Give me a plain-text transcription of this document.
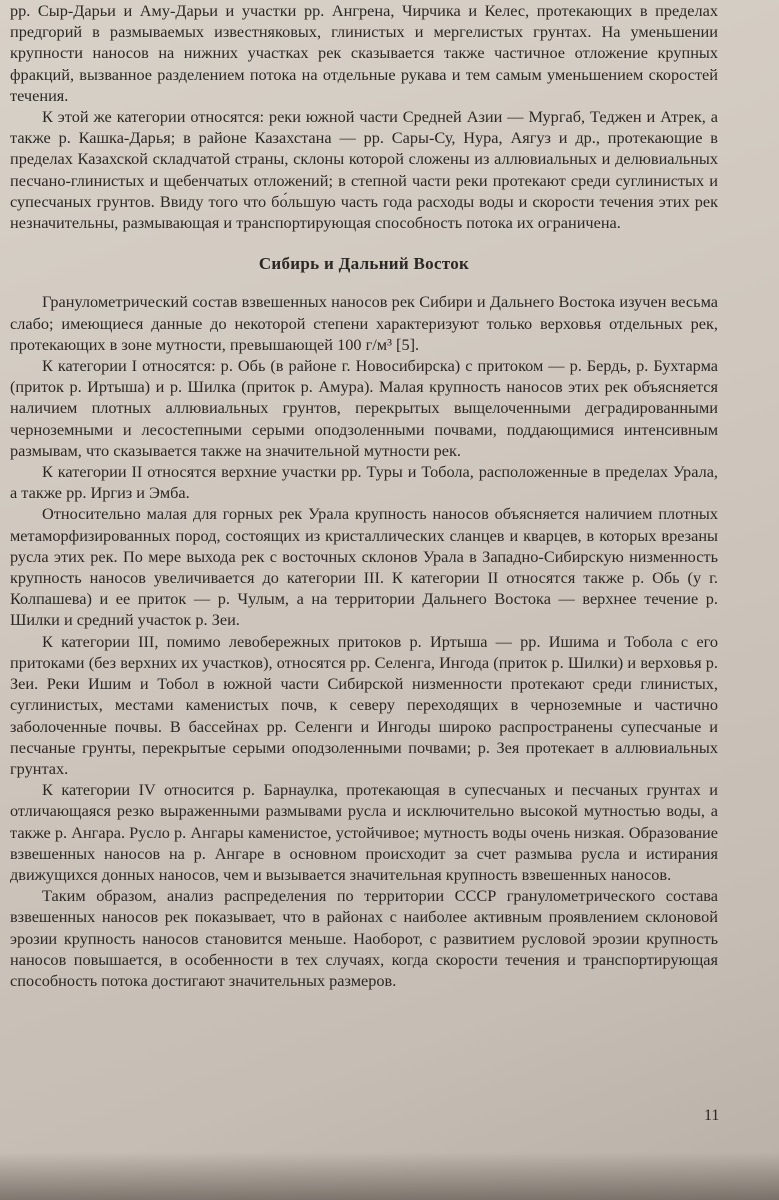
рр. Сыр-Дарьи и Аму-Дарьи и участки рр. Ангрена, Чирчика и Келес, протекающих в пределах предгорий в размываемых известняковых, глинистых и мергелистых грунтах. На уменьшении крупности наносов на нижних участках рек сказывается также частичное отложение крупных фракций, вызванное разделением потока на отдельные рукава и тем самым уменьшением скоростей течения.

К этой же категории относятся: реки южной части Средней Азии — Мургаб, Теджен и Атрек, а также р. Кашка-Дарья; в районе Казахстана — рр. Сары-Су, Нура, Аягуз и др., протекающие в пределах Казахской складчатой страны, склоны которой сложены из аллювиальных и делювиальных песчано-глинистых и щебенчатых отложений; в степной части реки протекают среди суглинистых и супесчаных грунтов. Ввиду того что бо́льшую часть года расходы воды и скорости течения этих рек незначительны, размывающая и транспортирующая способность потока их ограничена.

Сибирь и Дальний Восток

Гранулометрический состав взвешенных наносов рек Сибири и Дальнего Востока изучен весьма слабо; имеющиеся данные до некоторой степени характеризуют только верховья отдельных рек, протекающих в зоне мутности, превышающей 100 г/м³ [5].

К категории I относятся: р. Обь (в районе г. Новосибирска) с притоком — р. Бердь, р. Бухтарма (приток р. Иртыша) и р. Шилка (приток р. Амура). Малая крупность наносов этих рек объясняется наличием плотных аллювиальных грунтов, перекрытых выщелоченными деградированными черноземными и лесостепными серыми оподзоленными почвами, поддающимися интенсивным размывам, что сказывается также на значительной мутности рек.

К категории II относятся верхние участки рр. Туры и Тобола, расположенные в пределах Урала, а также рр. Иргиз и Эмба.

Относительно малая для горных рек Урала крупность наносов объясняется наличием плотных метаморфизированных пород, состоящих из кристаллических сланцев и кварцев, в которых врезаны русла этих рек. По мере выхода рек с восточных склонов Урала в Западно-Сибирскую низменность крупность наносов увеличивается до категории III. К категории II относятся также р. Обь (у г. Колпашева) и ее приток — р. Чулым, а на территории Дальнего Востока — верхнее течение р. Шилки и средний участок р. Зеи.

К категории III, помимо левобережных притоков р. Иртыша — рр. Ишима и Тобола с его притоками (без верхних их участков), относятся рр. Селенга, Ингода (приток р. Шилки) и верховья р. Зеи. Реки Ишим и Тобол в южной части Сибирской низменности протекают среди глинистых, суглинистых, местами каменистых почв, к северу переходящих в черноземные и частично заболоченные почвы. В бассейнах рр. Селенги и Ингоды широко распространены супесчаные и песчаные грунты, перекрытые серыми оподзоленными почвами; р. Зея протекает в аллювиальных грунтах.

К категории IV относится р. Барнаулка, протекающая в супесчаных и песчаных грунтах и отличающаяся резко выраженными размывами русла и исключительно высокой мутностью воды, а также р. Ангара. Русло р. Ангары каменистое, устойчивое; мутность воды очень низкая. Образование взвешенных наносов на р. Ангаре в основном происходит за счет размыва русла и истирания движущихся донных наносов, чем и вызывается значительная крупность взвешенных наносов.

Таким образом, анализ распределения по территории СССР гранулометрического состава взвешенных наносов рек показывает, что в районах с наиболее активным проявлением склоновой эрозии крупность наносов становится меньше. Наоборот, с развитием русловой эрозии крупность наносов повышается, в особенности в тех случаях, когда скорости течения и транспортирующая способность потока достигают значительных размеров.

11
